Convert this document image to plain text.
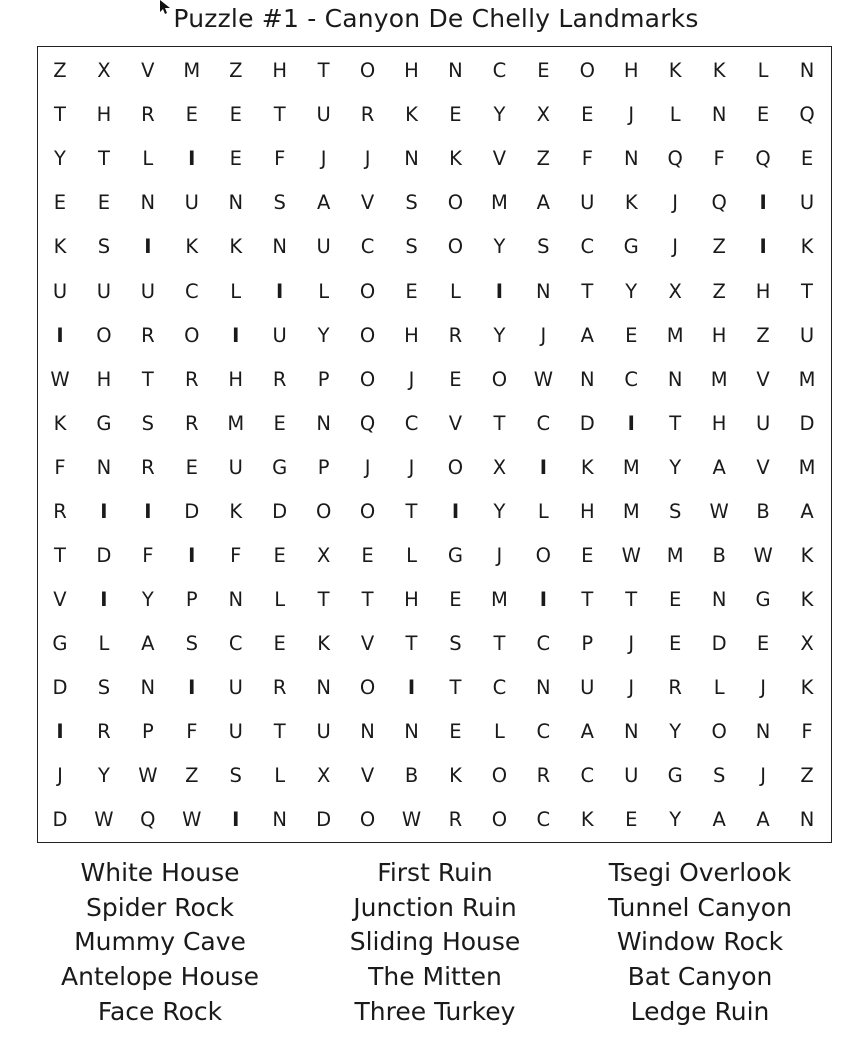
Puzzle #1 - Canyon De Chelly Landmarks
Z	X	V	M	Z	H	T	O	H	N	C	E	O	H	K	K	L	N
T	H	R	E	E	T	U	R	K	E	Y	X	E	J	L	N	E	Q
Y	T	L	I	E	F	J	J	N	K	V	Z	F	N	Q	F	Q	E
E	E	N	U	N	S	A	V	S	O	M	A	U	K	J	Q	I	U
K	S	I	K	K	N	U	C	S	O	Y	S	C	G	J	Z	I	K
U	U	U	C	L	I	L	O	E	L	I	N	T	Y	X	Z	H	T
I	O	R	O	I	U	Y	O	H	R	Y	J	A	E	M	H	Z	U
W	H	T	R	H	R	P	O	J	E	O	W	N	C	N	M	V	M
K	G	S	R	M	E	N	Q	C	V	T	C	D	I	T	H	U	D
F	N	R	E	U	G	P	J	J	O	X	I	K	M	Y	A	V	M
R	I	I	D	K	D	O	O	T	I	Y	L	H	M	S	W	B	A
T	D	F	I	F	E	X	E	L	G	J	O	E	W	M	B	W	K
V	I	Y	P	N	L	T	T	H	E	M	I	T	T	E	N	G	K
G	L	A	S	C	E	K	V	T	S	T	C	P	J	E	D	E	X
D	S	N	I	U	R	N	O	I	T	C	N	U	J	R	L	J	K
I	R	P	F	U	T	U	N	N	E	L	C	A	N	Y	O	N	F
J	Y	W	Z	S	L	X	V	B	K	O	R	C	U	G	S	J	Z
D	W	Q	W	I	N	D	O	W	R	O	C	K	E	Y	A	A	N
White House
Spider Rock
Mummy Cave
Antelope House
Face Rock
First Ruin
Junction Ruin
Sliding House
The Mitten
Three Turkey
Tsegi Overlook
Tunnel Canyon
Window Rock
Bat Canyon
Ledge Ruin
